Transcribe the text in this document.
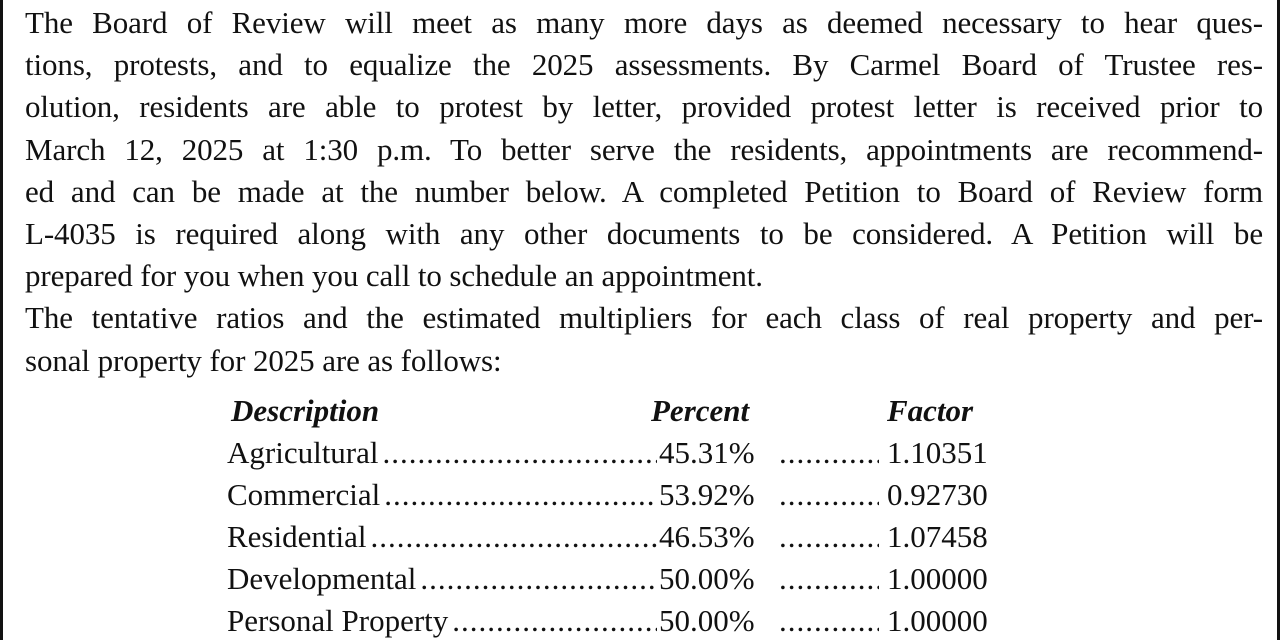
The Board of Review will meet as many more days as deemed necessary to hear ques-
tions, protests, and to equalize the 2025 assessments. By Carmel Board of Trustee res-
olution, residents are able to protest by letter, provided protest letter is received prior to
March 12, 2025 at 1:30 p.m. To better serve the residents, appointments are recommend-
ed and can be made at the number below. A completed Petition to Board of Review form
L-4035 is required along with any other documents to be considered. A Petition will be
prepared for you when you call to schedule an appointment.
The tentative ratios and the estimated multipliers for each class of real property and per-
sonal property for 2025 are as follows:
Description	Percent	Factor
Agricultural .....	45.31% .....	1.10351
Commercial .....	53.92% .....	0.92730
Residential .....	46.53% .....	1.07458
Developmental .....	50.00% .....	1.00000
Personal Property .....	50.00% .....	1.00000
